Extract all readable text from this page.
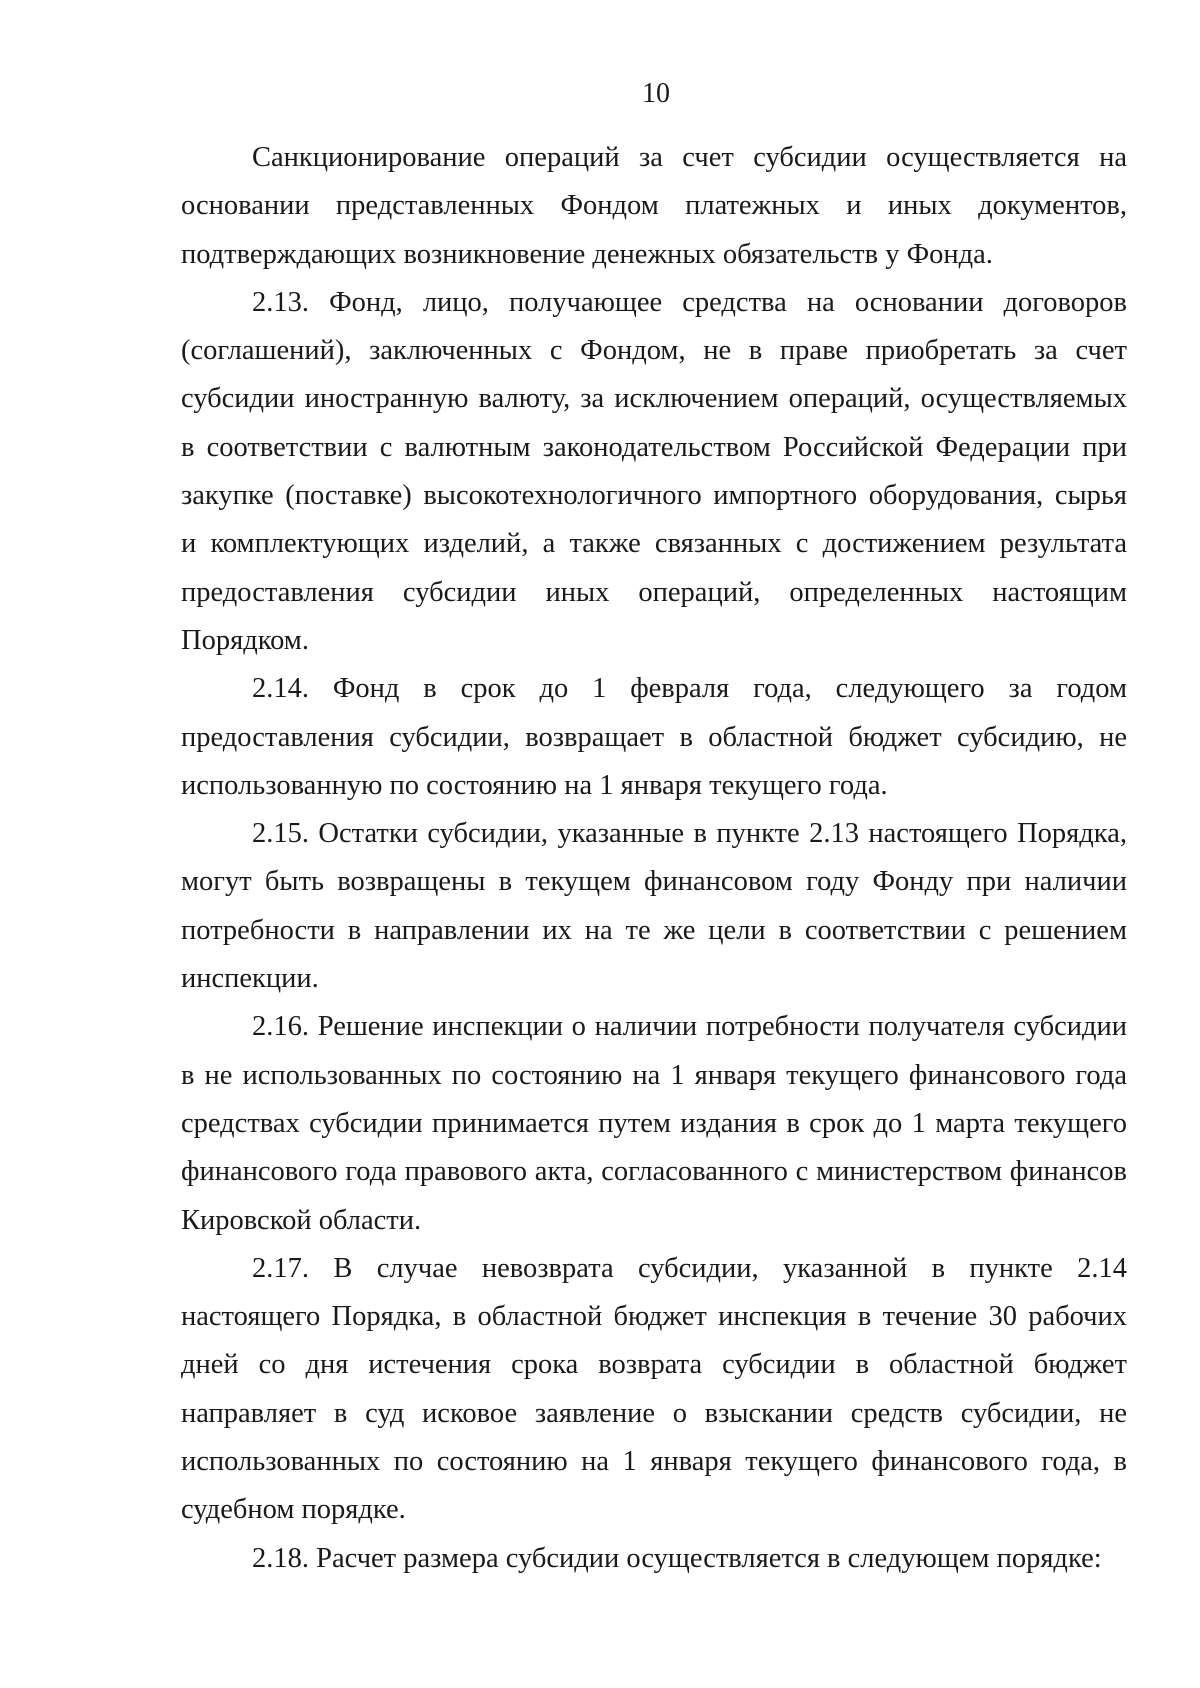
10

Санкционирование операций за счет субсидии осуществляется на основании представленных Фондом платежных и иных документов, подтверждающих возникновение денежных обязательств у Фонда.

2.13. Фонд, лицо, получающее средства на основании договоров (соглашений), заключенных с Фондом, не в праве приобретать за счет субсидии иностранную валюту, за исключением операций, осуществляемых в соответствии с валютным законодательством Российской Федерации при закупке (поставке) высокотехнологичного импортного оборудования, сырья и комплектующих изделий, а также связанных с достижением результата предоставления субсидии иных операций, определенных настоящим Порядком.

2.14. Фонд в срок до 1 февраля года, следующего за годом предоставления субсидии, возвращает в областной бюджет субсидию, не использованную по состоянию на 1 января текущего года.

2.15. Остатки субсидии, указанные в пункте 2.13 настоящего Порядка, могут быть возвращены в текущем финансовом году Фонду при наличии потребности в направлении их на те же цели в соответствии с решением инспекции.

2.16. Решение инспекции о наличии потребности получателя субсидии в не использованных по состоянию на 1 января текущего финансового года средствах субсидии принимается путем издания в срок до 1 марта текущего финансового года правового акта, согласованного с министерством финансов Кировской области.

2.17. В случае невозврата субсидии, указанной в пункте 2.14 настоящего Порядка, в областной бюджет инспекция в течение 30 рабочих дней со дня истечения срока возврата субсидии в областной бюджет направляет в суд исковое заявление о взыскании средств субсидии, не использованных по состоянию на 1 января текущего финансового года, в судебном порядке.

2.18. Расчет размера субсидии осуществляется в следующем порядке:
